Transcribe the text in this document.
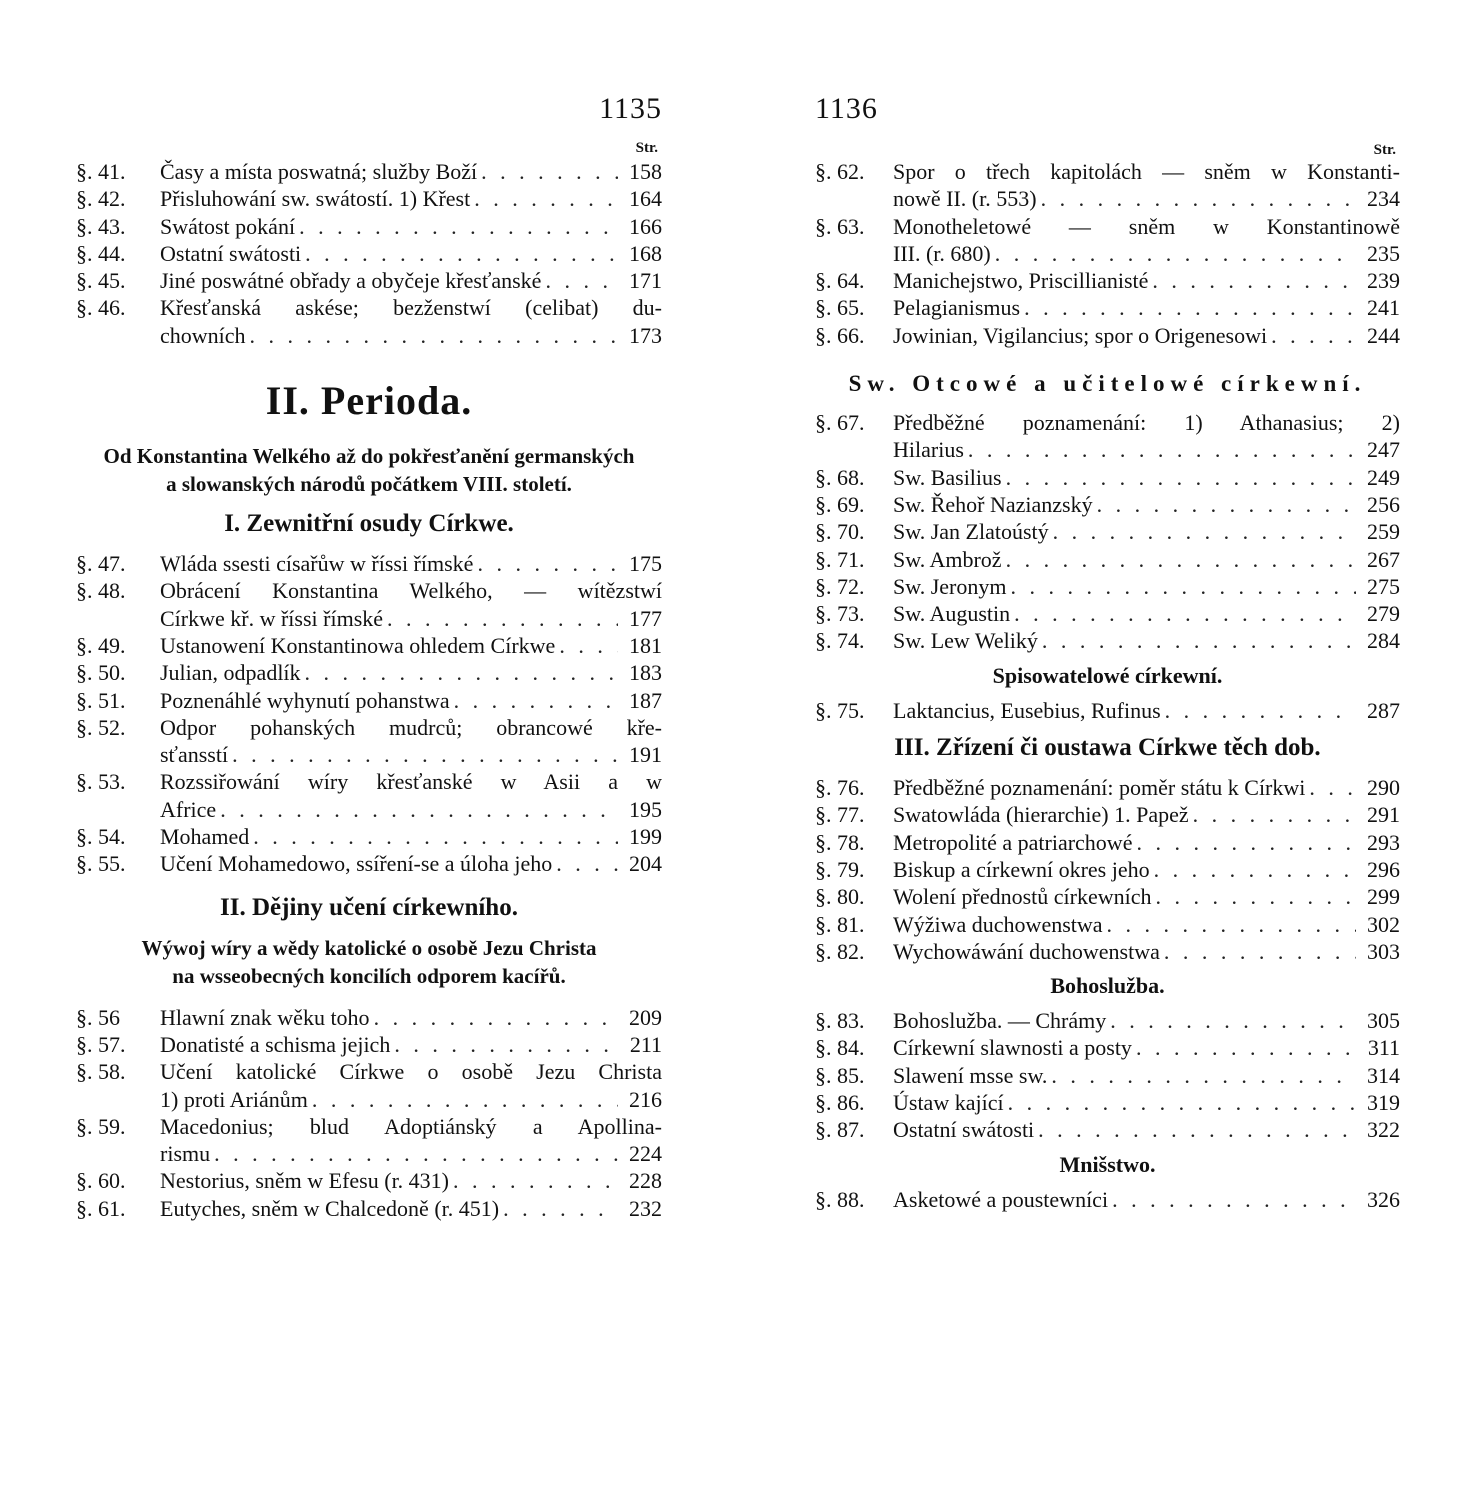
1135
Str.
§. 41.	Časy a místa poswatná; služby Boží . . .	158
§. 42.	Přisluhowání sw. swátostí. 1) Křest . . .	164
§. 43.	Swátost pokání . . .	166
§. 44.	Ostatní swátosti . . .	168
§. 45.	Jiné poswátné obřady a obyčeje křesťanské . . .	171
§. 46.	Křesťanská askése; bezženstwí (celibat) du-
chowních . . .	173
II. Perioda.
Od Konstantina Welkého až do pokřesťanění germanských
a slowanských národů počátkem VIII. století.
I. Zewnitřní osudy Církwe.
§. 47.	Wláda ssesti císařůw w říssi římské . . .	175
§. 48.	Obrácení Konstantina Welkého, — wítězstwí
Církwe kř. w říssi římské . . .	177
§. 49.	Ustanowení Konstantinowa ohledem Církwe . . .	181
§. 50.	Julian, odpadlík . . .	183
§. 51.	Poznenáhlé wyhynutí pohanstwa . . .	187
§. 52.	Odpor pohanských mudrců; obrancowé kře-
sťansstí . . .	191
§. 53.	Rozssiřowání wíry křesťanské w Asii a w
Africe . . .	195
§. 54.	Mohamed . . .	199
§. 55.	Učení Mohamedowo, ssíření-se a úloha jeho . . .	204
II. Dějiny učení církewního.
Wýwoj wíry a wědy katolické o osobě Jezu Christa
na wsseobecných koncilích odporem kacířů.
§. 56	Hlawní znak wěku toho . . .	209
§. 57.	Donatisté a schisma jejich . . .	211
§. 58.	Učení katolické Církwe o osobě Jezu Christa
1) proti Ariánům . . .	216
§. 59.	Macedonius; blud Adoptiánský a Apollina-
rismu . . .	224
§. 60.	Nestorius, sněm w Efesu (r. 431) . . .	228
§. 61.	Eutyches, sněm w Chalcedoně (r. 451) . . .	232
1136
Str.
§. 62.	Spor o třech kapitolách — sněm w Konstanti-
nowě II. (r. 553) . . .	234
§. 63.	Monotheletowé — sněm w Konstantinowě
III. (r. 680) . . .	235
§. 64.	Manichejstwo, Priscillianisté . . .	239
§. 65.	Pelagianismus . . .	241
§. 66.	Jowinian, Vigilancius; spor o Origenesowi . . .	244
Sw. Otcowé a učitelowé církewní.
§. 67.	Předběžné poznamenání: 1) Athanasius; 2)
Hilarius . . .	247
§. 68.	Sw. Basilius . . .	249
§. 69.	Sw. Řehoř Nazianzský . . .	256
§. 70.	Sw. Jan Zlatoústý . . .	259
§. 71.	Sw. Ambrož . . .	267
§. 72.	Sw. Jeronym . . .	275
§. 73.	Sw. Augustin . . .	279
§. 74.	Sw. Lew Weliký . . .	284
Spisowatelowé církewní.
§. 75.	Laktancius, Eusebius, Rufinus . . .	287
III. Zřízení či oustawa Církwe těch dob.
§. 76.	Předběžné poznamenání: poměr státu k Církwi . . .	290
§. 77.	Swatowláda (hierarchie) 1. Papež . . .	291
§. 78.	Metropolité a patriarchowé . . .	293
§. 79.	Biskup a církewní okres jeho . . .	296
§. 80.	Wolení přednostů církewních . . .	299
§. 81.	Wýžiwa duchowenstwa . . .	302
§. 82.	Wychowáwání duchowenstwa . . .	303
Bohoslužba.
§. 83.	Bohoslužba. — Chrámy . . .	305
§. 84.	Církewní slawnosti a posty . . .	311
§. 85.	Slawení msse sw. . . .	314
§. 86.	Ústaw kající . . .	319
§. 87.	Ostatní swátosti . . .	322
Mnišstwo.
§. 88.	Asketowé a poustewníci . . .	326
